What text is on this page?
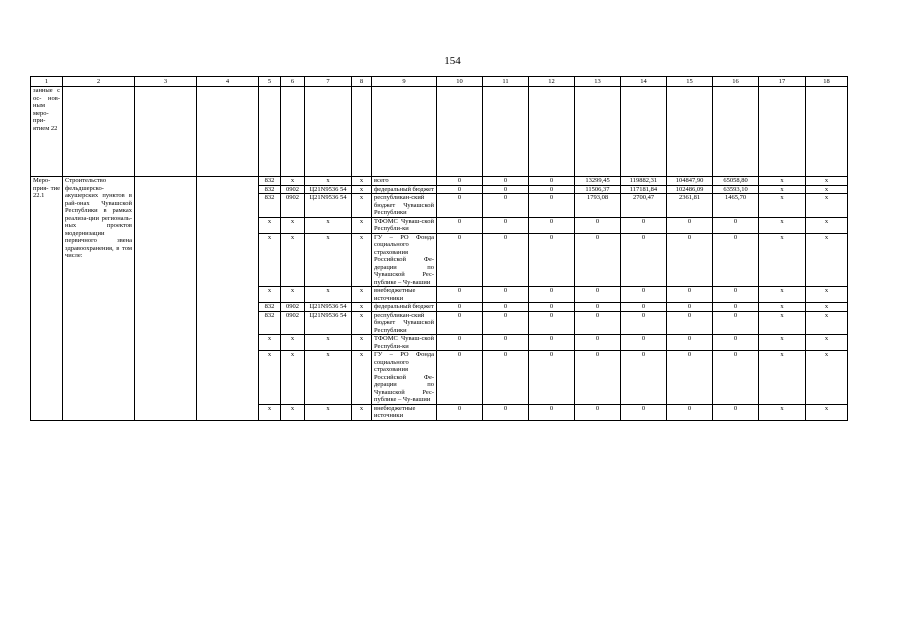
154
1	2	3	4	5	6	7	8	9	10	11	12	13	14	15	16	17	18
занные с ос- нов- ным меро- при- ятием 22																	
Меро- прия- тие 22.1	Строительство фельдшерско-акушерских пунктов в рай-онах Чувашской Республики в рамках реализа-ции региональ-ных проектов модернизации первичного звена здравоохранения, в том числе:			832	x	x	x	всего	0	0	0	13299,45	119882,31	104847,90	65058,80	x	x
				832	0902	Ц21N9536 54	x	федеральный бюджет	0	0	0	11506,37	117181,84	102486,09	63593,10	x	x
				832	0902	Ц21N9536 54	x	республикан-ский бюджет Чувашской Республики	0	0	0	1793,08	2700,47	2361,81	1465,70	x	x
				x	x	x	x	ТФОМС Чуваш-ской Республи-ки	0	0	0	0	0	0	0	x	x
				x	x	x	x	ГУ – РО Фонда социального страхования Российской Фе-дерации по Чувашской Рес-публике – Чу-вашии	0	0	0	0	0	0	0	x	x
				x	x	x	x	внебюджетные источники	0	0	0	0	0	0	0	x	x
				832	0902	Ц21N9536 54	x	федеральный бюджет	0	0	0	0	0	0	0	x	x
				832	0902	Ц21N9536 54	x	республикан-ский бюджет Чувашской Республики	0	0	0	0	0	0	0	x	x
				x	x	x	x	ТФОМС Чуваш-ской Республи-ки	0	0	0	0	0	0	0	x	x
				x	x	x	x	ГУ – РО Фонда социального страхования Российской Фе-дерации по Чувашской Рес-публике – Чу-вашии	0	0	0	0	0	0	0	x	x
				x	x	x	x	внебюджетные источники	0	0	0	0	0	0	0	x	x
